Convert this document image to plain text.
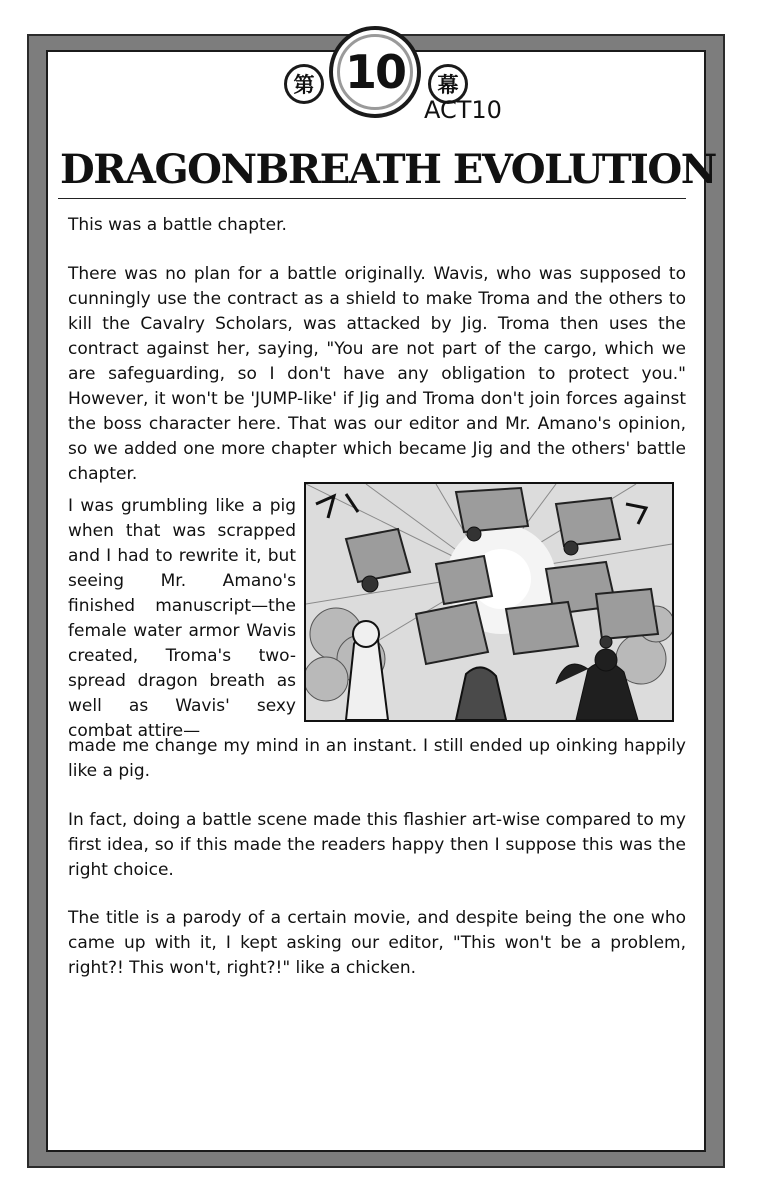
第 10	幕
ACT10
DRAGONBREATH EVOLUTION

This was a battle chapter.

There was no plan for a battle originally. Wavis, who was supposed to cunningly use the contract as a shield to make Troma and the others to kill the Cavalry Scholars, was attacked by Jig. Troma then uses the contract against her, saying, "You are not part of the cargo, which we are safeguarding, so I don't have any obligation to protect you." However, it won't be 'JUMP-like' if Jig and Troma don't join forces against the boss character here. That was our editor and Mr. Amano's opinion, so we added one more chapter which became Jig and the others' battle chapter.

I was grumbling like a pig when that was scrapped and I had to rewrite it, but seeing Mr. Amano's finished manuscript—the female water armor Wavis created, Troma's two-spread dragon breath as well as Wavis' sexy combat attire—

made me change my mind in an instant. I still ended up oinking happily like a pig.

In fact, doing a battle scene made this flashier art-wise compared to my first idea, so if this made the readers happy then I suppose this was the right choice.

The title is a parody of a certain movie, and despite being the one who came up with it, I kept asking our editor, "This won't be a problem, right?! This won't, right?!" like a chicken.
